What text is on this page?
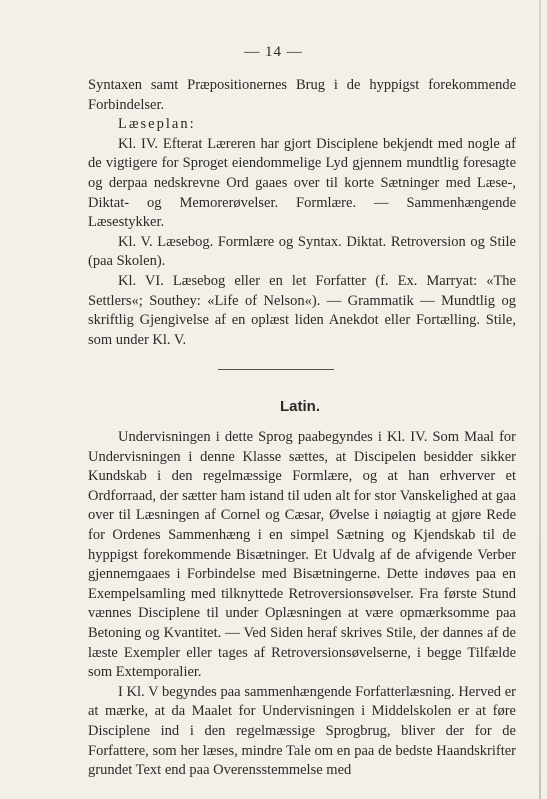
— 14 —

Syntaxen samt Præpositionernes Brug i de hyppigst forekommende Forbindelser.

Læseplan:

Kl. IV. Efterat Læreren har gjort Disciplene bekjendt med nogle af de vigtigere for Sproget eiendommelige Lyd gjennem mundtlig foresagte og derpaa nedskrevne Ord gaaes over til korte Sætninger med Læse-, Diktat- og Memorerøvelser. Formlære. — Sammenhængende Læsestykker.

Kl. V. Læsebog. Formlære og Syntax. Diktat. Retroversion og Stile (paa Skolen).

Kl. VI. Læsebog eller en let Forfatter (f. Ex. Marryat: «The Settlers«; Southey: «Life of Nelson«). — Grammatik — Mundtlig og skriftlig Gjengivelse af en oplæst liden Anekdot eller Fortælling. Stile, som under Kl. V.

Latin.

Undervisningen i dette Sprog paabegyndes i Kl. IV. Som Maal for Undervisningen i denne Klasse sættes, at Discipelen besidder sikker Kundskab i den regelmæssige Formlære, og at han erhverver et Ordforraad, der sætter ham istand til uden alt for stor Vanskelighed at gaa over til Læsningen af Cornel og Cæsar, Øvelse i nøiagtig at gjøre Rede for Ordenes Sammenhæng i en simpel Sætning og Kjendskab til de hyppigst forekommende Bisætninger. Et Udvalg af de afvigende Verber gjennemgaaes i Forbindelse med Bisætningerne. Dette indøves paa en Exempelsamling med tilknyttede Retroversionsøvelser. Fra første Stund vænnes Disciplene til under Oplæsningen at være opmærksomme paa Betoning og Kvantitet. — Ved Siden heraf skrives Stile, der dannes af de læste Exempler eller tages af Retroversionsøvelserne, i begge Tilfælde som Extemporalier.

I Kl. V begyndes paa sammenhængende Forfatterlæsning. Herved er at mærke, at da Maalet for Undervisningen i Middelskolen er at føre Disciplene ind i den regelmæssige Sprogbrug, bliver der for de Forfattere, som her læses, mindre Tale om en paa de bedste Haandskrifter grundet Text end paa Overensstemmelse med
